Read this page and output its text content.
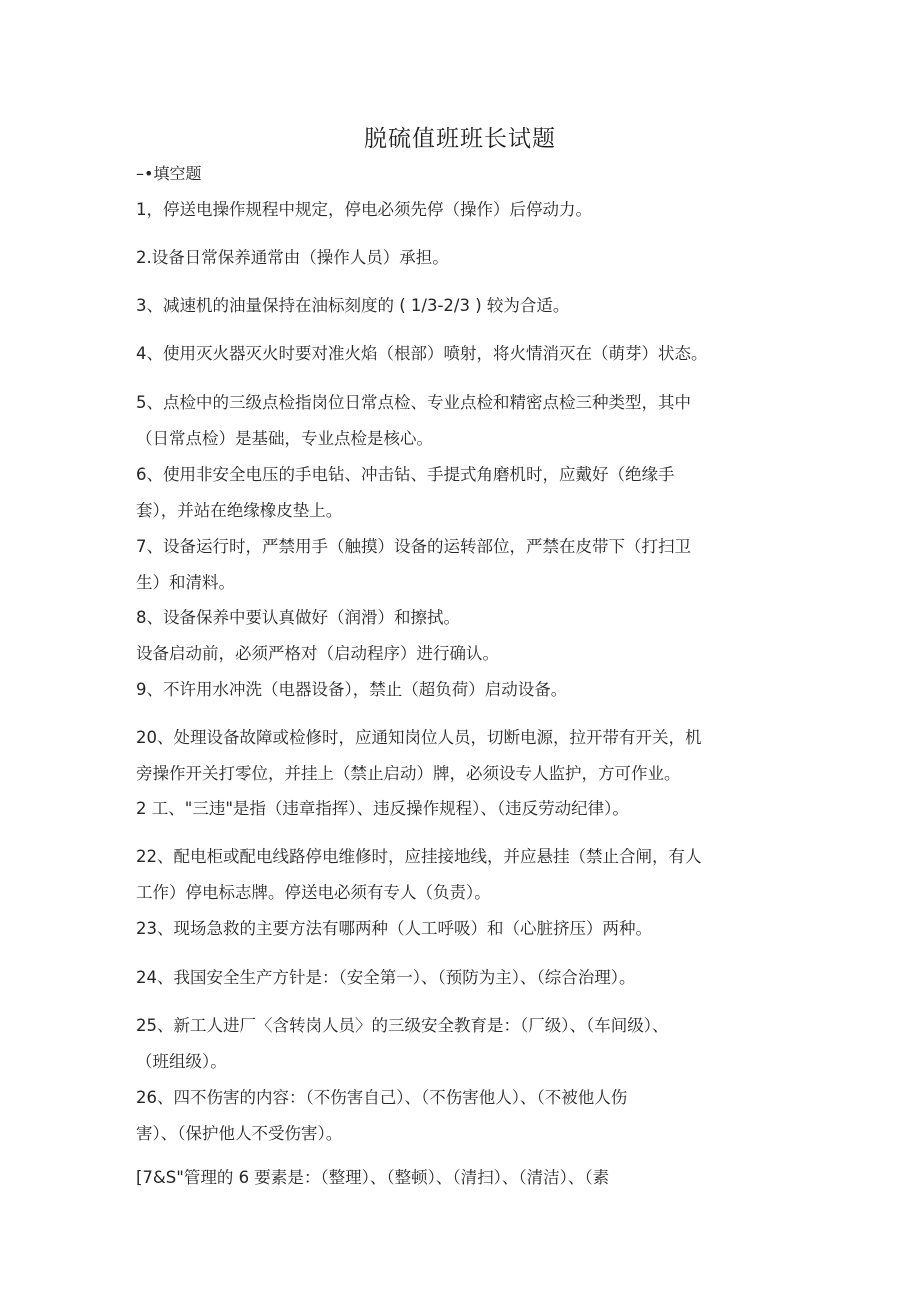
脱硫值班班长试题
–•填空题
1，停送电操作规程中规定，停电必须先停（操作）后停动力。
2.设备日常保养通常由（操作人员）承担。
3、减速机的油量保持在油标刻度的 ( 1/3-2/3 ) 较为合适。
4、使用灭火器灭火时要对准火焰（根部）喷射，将火情消灭在（萌芽）状态。
5、点检中的三级点检指岗位日常点检、专业点检和精密点检三种类型，其中
（日常点检）是基础，专业点检是核心。
6、使用非安全电压的手电钻、冲击钻、手提式角磨机时，应戴好（绝缘手
套），并站在绝缘橡皮垫上。
7、设备运行时，严禁用手（触摸）设备的运转部位，严禁在皮带下（打扫卫
生）和清料。
8、设备保养中要认真做好（润滑）和擦拭。
设备启动前，必须严格对（启动程序）进行确认。
9、不许用水冲洗（电器设备），禁止（超负荷）启动设备。
20、处理设备故障或检修时，应通知岗位人员，切断电源，拉开带有开关，机
旁操作开关打零位，并挂上（禁止启动）牌，必须设专人监护，方可作业。
2 工、"三违"是指（违章指挥）、违反操作规程）、（违反劳动纪律）。
22、配电柜或配电线路停电维修时，应挂接地线，并应悬挂（禁止合闸，有人
工作）停电标志牌。停送电必须有专人（负责）。
23、现场急救的主要方法有哪两种（人工呼吸）和（心脏挤压）两种。
24、我国安全生产方针是：（安全第一）、（预防为主）、（综合治理）。
25、新工人进厂〈含转岗人员〉的三级安全教育是：（厂级）、（车间级）、
（班组级）。
26、四不伤害的内容：（不伤害自己）、（不伤害他人）、（不被他人伤
害）、（保护他人不受伤害）。
[7&S"管理的 6 要素是：（整理）、（整顿）、（清扫）、（清洁）、（素
